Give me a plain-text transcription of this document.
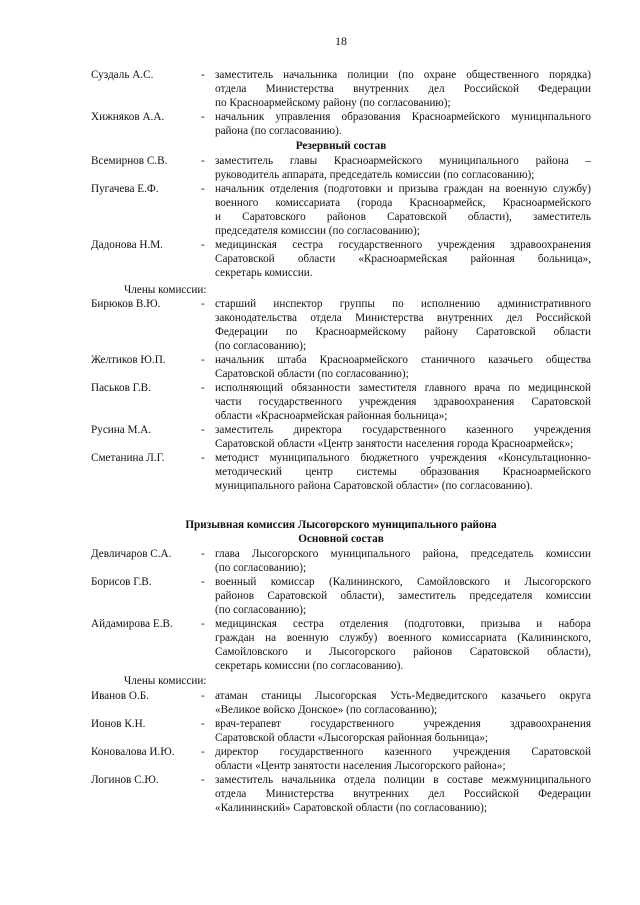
18
Суздаль А.С.	- заместитель начальника полиции (по охране общественного порядка)
отдела Министерства внутренних дел Российской Федерации
по Красноармейскому району (по согласованию);
Хижняков А.А.	- начальник управления образования Красноармейского муниципального
района (по согласованию).
Резервный состав
Всемирнов С.В.	- заместитель главы Красноармейского муниципального района –
руководитель аппарата, председатель комиссии (по согласованию);
Пугачева Е.Ф.	- начальник отделения (подготовки и призыва граждан на военную службу)
военного комиссариата (города Красноармейск, Красноармейского
и Саратовского районов Саратовской области), заместитель
председателя комиссии (по согласованию);
Дадонова Н.М.	- медицинская сестра государственного учреждения здравоохранения
Саратовской области «Красноармейская районная больница»,
секретарь комиссии.
Члены комиссии:
Бирюков В.Ю.	- старший инспектор группы по исполнению административного
законодательства отдела Министерства внутренних дел Российской
Федерации по Красноармейскому району Саратовской области
(по согласованию);
Желтиков Ю.П.	- начальник штаба Красноармейского станичного казачьего общества
Саратовской области (по согласованию);
Паськов Г.В.	- исполняющий обязанности заместителя главного врача по медицинской
части государственного учреждения здравоохранения Саратовской
области «Красноармейская районная больница»;
Русина М.А.	- заместитель директора государственного казенного учреждения
Саратовской области «Центр занятости населения города Красноармейск»;
Сметанина Л.Г.	- методист муниципального бюджетного учреждения «Консультационно-
методический центр системы образования Красноармейского
муниципального района Саратовской области» (по согласованию).
Призывная комиссия Лысогорского муниципального района
Основной состав
Девличаров С.А.	- глава Лысогорского муниципального района, председатель комиссии
(по согласованию);
Борисов Г.В.	- военный комиссар (Калининского, Самойловского и Лысогорского
районов Саратовской области), заместитель председателя комиссии
(по согласованию);
Айдамирова Е.В.	- медицинская сестра отделения (подготовки, призыва и набора
граждан на военную службу) военного комиссариата (Калининского,
Самойловского и Лысогорского районов Саратовской области),
секретарь комиссии (по согласованию).
Члены комиссии:
Иванов О.Б.	- атаман станицы Лысогорская Усть-Медведитского казачьего округа
«Великое войско Донское» (по согласованию);
Ионов К.Н.	- врач-терапевт государственного учреждения здравоохранения
Саратовской области «Лысогорская районная больница»;
Коновалова И.Ю.	- директор государственного казенного учреждения Саратовской
области «Центр занятости населения Лысогорского района»;
Логинов С.Ю.	- заместитель начальника отдела полиции в составе межмуниципального
отдела Министерства внутренних дел Российской Федерации
«Калининский» Саратовской области (по согласованию);
